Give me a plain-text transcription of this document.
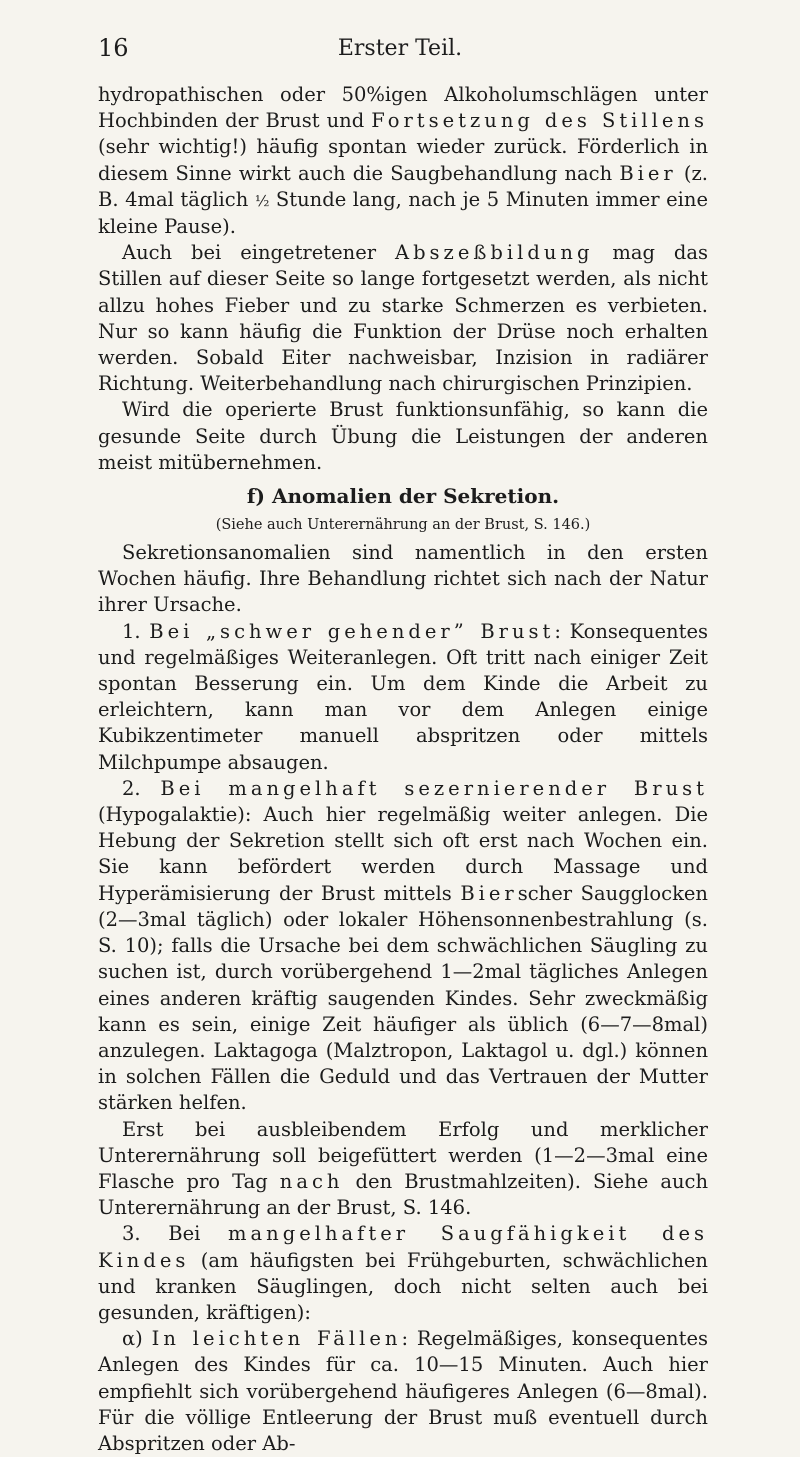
16	Erster Teil.

hydropathischen oder 50%igen Alkoholumschlägen unter Hochbinden der Brust und Fortsetzung des Stillens (sehr wichtig!) häufig spontan wieder zurück. Förderlich in diesem Sinne wirkt auch die Saugbehandlung nach Bier (z. B. 4mal täglich ½ Stunde lang, nach je 5 Minuten immer eine kleine Pause).

Auch bei eingetretener Abszeßbildung mag das Stillen auf dieser Seite so lange fortgesetzt werden, als nicht allzu hohes Fieber und zu starke Schmerzen es verbieten. Nur so kann häufig die Funktion der Drüse noch erhalten werden. Sobald Eiter nachweisbar, Inzision in radiärer Richtung. Weiterbehandlung nach chirurgischen Prinzipien.

Wird die operierte Brust funktionsunfähig, so kann die gesunde Seite durch Übung die Leistungen der anderen meist mitübernehmen.

f) Anomalien der Sekretion.
(Siehe auch Unterernährung an der Brust, S. 146.)

Sekretionsanomalien sind namentlich in den ersten Wochen häufig. Ihre Behandlung richtet sich nach der Natur ihrer Ursache.

1. Bei „schwer gehender” Brust: Konsequentes und regelmäßiges Weiteranlegen. Oft tritt nach einiger Zeit spontan Besserung ein. Um dem Kinde die Arbeit zu erleichtern, kann man vor dem Anlegen einige Kubikzentimeter manuell abspritzen oder mittels Milchpumpe absaugen.

2. Bei mangelhaft sezernierender Brust (Hypogalaktie): Auch hier regelmäßig weiter anlegen. Die Hebung der Sekretion stellt sich oft erst nach Wochen ein. Sie kann befördert werden durch Massage und Hyperämisierung der Brust mittels Bierscher Saugglocken (2—3mal täglich) oder lokaler Höhensonnenbestrahlung (s. S. 10); falls die Ursache bei dem schwächlichen Säugling zu suchen ist, durch vorübergehend 1—2mal tägliches Anlegen eines anderen kräftig saugenden Kindes. Sehr zweckmäßig kann es sein, einige Zeit häufiger als üblich (6—7—8mal) anzulegen. Laktagoga (Malztropon, Laktagol u. dgl.) können in solchen Fällen die Geduld und das Vertrauen der Mutter stärken helfen.

Erst bei ausbleibendem Erfolg und merklicher Unterernährung soll beigefüttert werden (1—2—3mal eine Flasche pro Tag nach den Brustmahlzeiten). Siehe auch Unterernährung an der Brust, S. 146.

3. Bei mangelhafter Saugfähigkeit des Kindes (am häufigsten bei Frühgeburten, schwächlichen und kranken Säuglingen, doch nicht selten auch bei gesunden, kräftigen):

α) In leichten Fällen: Regelmäßiges, konsequentes Anlegen des Kindes für ca. 10—15 Minuten. Auch hier empfiehlt sich vorübergehend häufigeres Anlegen (6—8mal). Für die völlige Entleerung der Brust muß eventuell durch Abspritzen oder Ab-
